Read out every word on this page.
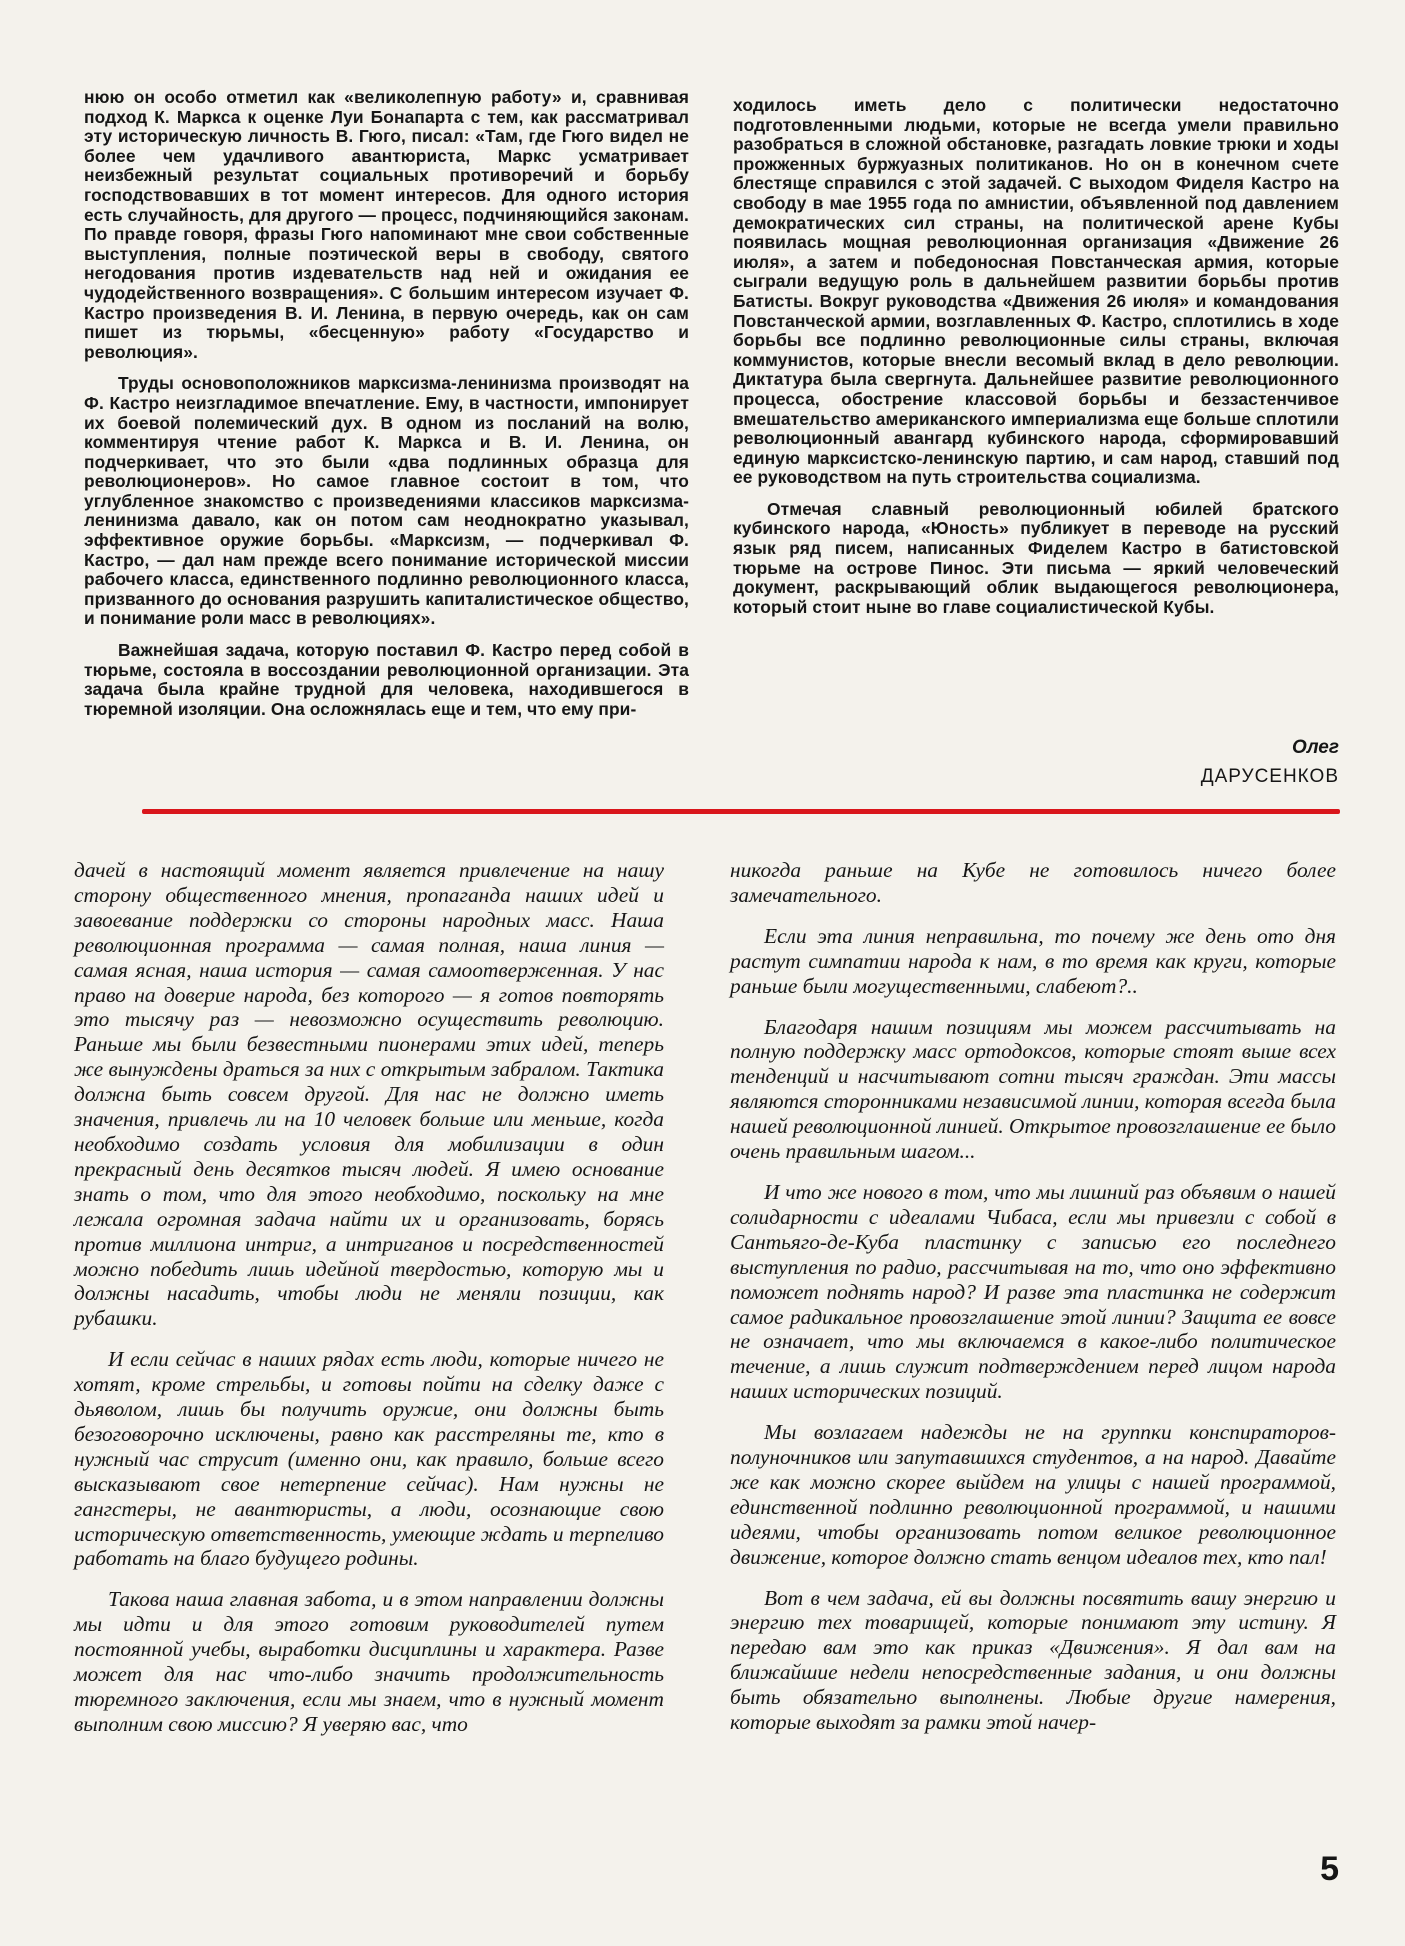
нюю он особо отметил как «великолепную работу» и, сравнивая подход К. Маркса к оценке Луи Бонапарта с тем, как рассматривал эту историческую личность В. Гюго, писал: «Там, где Гюго видел не более чем удачливого авантюриста, Маркс усматривает неизбежный результат социальных противоречий и борьбу господствовавших в тот момент интересов. Для одного история есть случайность, для другого — процесс, подчиняющийся законам. По правде говоря, фразы Гюго напоминают мне свои собственные выступления, полные поэтической веры в свободу, святого негодования против издевательств над ней и ожидания ее чудодейственного возвращения». С большим интересом изучает Ф. Кастро произведения В. И. Ленина, в первую очередь, как он сам пишет из тюрьмы, «бесценную» работу «Государство и революция».

Труды основоположников марксизма-ленинизма производят на Ф. Кастро неизгладимое впечатление. Ему, в частности, импонирует их боевой полемический дух. В одном из посланий на волю, комментируя чтение работ К. Маркса и В. И. Ленина, он подчеркивает, что это были «два подлинных образца для революционеров». Но самое главное состоит в том, что углубленное знакомство с произведениями классиков марксизма-ленинизма давало, как он потом сам неоднократно указывал, эффективное оружие борьбы. «Марксизм, — подчеркивал Ф. Кастро, — дал нам прежде всего понимание исторической миссии рабочего класса, единственного подлинно революционного класса, призванного до основания разрушить капиталистическое общество, и понимание роли масс в революциях».

Важнейшая задача, которую поставил Ф. Кастро перед собой в тюрьме, состояла в воссоздании революционной организации. Эта задача была крайне трудной для человека, находившегося в тюремной изоляции. Она осложнялась еще и тем, что ему при-

ходилось иметь дело с политически недостаточно подготовленными людьми, которые не всегда умели правильно разобраться в сложной обстановке, разгадать ловкие трюки и ходы прожженных буржуазных политиканов. Но он в конечном счете блестяще справился с этой задачей. С выходом Фиделя Кастро на свободу в мае 1955 года по амнистии, объявленной под давлением демократических сил страны, на политической арене Кубы появилась мощная революционная организация «Движение 26 июля», а затем и победоносная Повстанческая армия, которые сыграли ведущую роль в дальнейшем развитии борьбы против Батисты. Вокруг руководства «Движения 26 июля» и командования Повстанческой армии, возглавленных Ф. Кастро, сплотились в ходе борьбы все подлинно революционные силы страны, включая коммунистов, которые внесли весомый вклад в дело революции. Диктатура была свергнута. Дальнейшее развитие революционного процесса, обострение классовой борьбы и беззастенчивое вмешательство американского империализма еще больше сплотили революционный авангард кубинского народа, сформировавший единую марксистско-ленинскую партию, и сам народ, ставший под ее руководством на путь строительства социализма.

Отмечая славный революционный юбилей братского кубинского народа, «Юность» публикует в переводе на русский язык ряд писем, написанных Фиделем Кастро в батистовской тюрьме на острове Пинос. Эти письма — яркий человеческий документ, раскрывающий облик выдающегося революционера, который стоит ныне во главе социалистической Кубы.

Олег
ДАРУСЕНКОВ

дачей в настоящий момент является привлечение на нашу сторону общественного мнения, пропаганда наших идей и завоевание поддержки со стороны народных масс. Наша революционная программа — самая полная, наша линия — самая ясная, наша история — самая самоотверженная. У нас право на доверие народа, без которого — я готов повторять это тысячу раз — невозможно осуществить революцию. Раньше мы были безвестными пионерами этих идей, теперь же вынуждены драться за них с открытым забралом. Тактика должна быть совсем другой. Для нас не должно иметь значения, привлечь ли на 10 человек больше или меньше, когда необходимо создать условия для мобилизации в один прекрасный день десятков тысяч людей. Я имею основание знать о том, что для этого необходимо, поскольку на мне лежала огромная задача найти их и организовать, борясь против миллиона интриг, а интриганов и посредственностей можно победить лишь идейной твердостью, которую мы и должны насадить, чтобы люди не меняли позиции, как рубашки.

И если сейчас в наших рядах есть люди, которые ничего не хотят, кроме стрельбы, и готовы пойти на сделку даже с дьяволом, лишь бы получить оружие, они должны быть безоговорочно исключены, равно как расстреляны те, кто в нужный час струсит (именно они, как правило, больше всего высказывают свое нетерпение сейчас). Нам нужны не гангстеры, не авантюристы, а люди, осознающие свою историческую ответственность, умеющие ждать и терпеливо работать на благо будущего родины.

Такова наша главная забота, и в этом направлении должны мы идти и для этого готовим руководителей путем постоянной учебы, выработки дисциплины и характера. Разве может для нас что-либо значить продолжительность тюремного заключения, если мы знаем, что в нужный момент выполним свою миссию? Я уверяю вас, что

никогда раньше на Кубе не готовилось ничего более замечательного.

Если эта линия неправильна, то почему же день ото дня растут симпатии народа к нам, в то время как круги, которые раньше были могущественными, слабеют?..

Благодаря нашим позициям мы можем рассчитывать на полную поддержку масс ортодоксов, которые стоят выше всех тенденций и насчитывают сотни тысяч граждан. Эти массы являются сторонниками независимой линии, которая всегда была нашей революционной линией. Открытое провозглашение ее было очень правильным шагом...

И что же нового в том, что мы лишний раз объявим о нашей солидарности с идеалами Чибаса, если мы привезли с собой в Сантьяго-де-Куба пластинку с записью его последнего выступления по радио, рассчитывая на то, что оно эффективно поможет поднять народ? И разве эта пластинка не содержит самое радикальное провозглашение этой линии? Защита ее вовсе не означает, что мы включаемся в какое-либо политическое течение, а лишь служит подтверждением перед лицом народа наших исторических позиций.

Мы возлагаем надежды не на группки конспираторов-полуночников или запутавшихся студентов, а на народ. Давайте же как можно скорее выйдем на улицы с нашей программой, единственной подлинно революционной программой, и нашими идеями, чтобы организовать потом великое революционное движение, которое должно стать венцом идеалов тех, кто пал!

Вот в чем задача, ей вы должны посвятить вашу энергию и энергию тех товарищей, которые понимают эту истину. Я передаю вам это как приказ «Движения». Я дал вам на ближайшие недели непосредственные задания, и они должны быть обязательно выполнены. Любые другие намерения, которые выходят за рамки этой начер-

5
